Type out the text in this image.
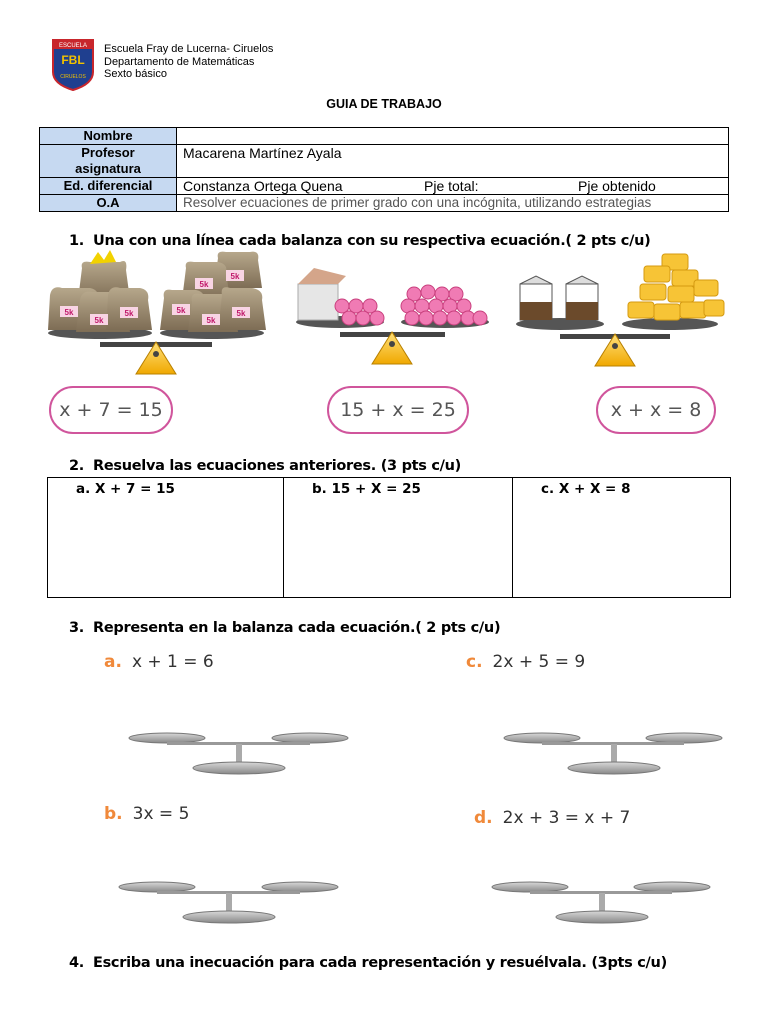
ESCUELA
FBL
CIRUELOS
Escuela Fray de Lucerna- Ciruelos
Departamento de Matemáticas
Sexto básico
GUIA DE TRABAJO
Nombre	

Profesor
asignatura	Macarena Martínez Ayala
Ed. diferencial	Constanza Ortega Quena Pje total: Pje obtenido
O.A	Resolver ecuaciones de primer grado con una incógnita, utilizando estrategias
1. Una con una línea cada balanza con su respectiva ecuación.( 2 pts c/u)
5k
5k
5k
5k
5k
5k
5k
5k
x + 7 = 15	15 + x = 25	x + x = 8
2. Resuelva las ecuaciones anteriores. (3 pts c/u)
a. X + 7 = 15	b. 15 + X = 25	c. X + X = 8
3. Representa en la balanza cada ecuación.( 2 pts c/u)
a. x + 1 = 6	c. 2x + 5 = 9
b. 3x = 5	d. 2x + 3 = x + 7
4. Escriba una inecuación para cada representación y resuélvala. (3pts c/u)
